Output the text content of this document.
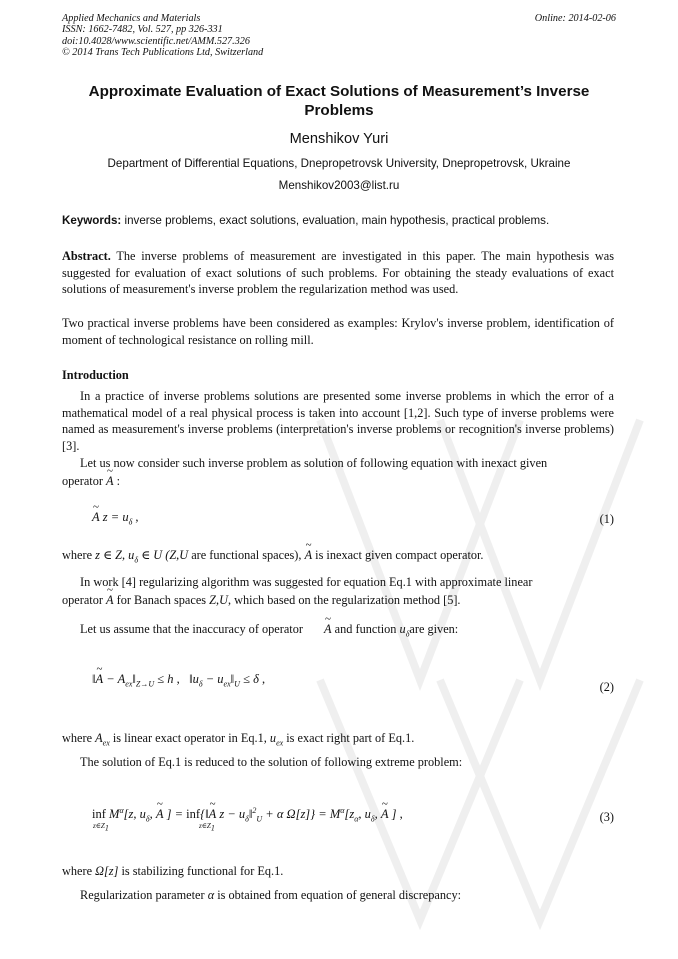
Applied Mechanics and Materials
ISSN: 1662-7482, Vol. 527, pp 326-331
doi:10.4028/www.scientific.net/AMM.527.326
© 2014 Trans Tech Publications Ltd, Switzerland
Online: 2014-02-06
Approximate Evaluation of Exact Solutions of Measurement’s Inverse Problems
Menshikov Yuri
Department of Differential Equations, Dnepropetrovsk University, Dnepropetrovsk, Ukraine
Menshikov2003@list.ru
Keywords: inverse problems, exact solutions, evaluation, main hypothesis, practical problems.

Abstract. The inverse problems of measurement are investigated in this paper. The main hypothesis was suggested for evaluation of exact solutions of such problems. For obtaining the steady evaluations of exact solutions of measurement's inverse problem the regularization method was used.

Two practical inverse problems have been considered as examples: Krylov's inverse problem, identification of moment of technological resistance on rolling mill.

Introduction

In a practice of inverse problems solutions are presented some inverse problems in which the error of a mathematical model of a real physical process is taken into account [1,2]. Such type of inverse problems were named as measurement's inverse problems (interpretation's inverse problems or recognition's inverse problems) [3].

Let us now consider such inverse problem as solution of following equation with inexact given

operator ~ A :
~ A $z = u_\delta$ ,	(1)
where z ∈ Z, $u_\delta$ ∈ U (Z,U are functional spaces), ~ A is inexact given compact operator.

In work [4] regularizing algorithm was suggested for equation Eq.1 with approximate linear

operator ~ A for Banach spaces Z,U, which based on the regularization method [5].
Let us assume that the inaccuracy of operator ~ A and function $u_\delta are$ given:
‖~ $A - A_{ex}‖_{Z\to U} \le h$ , $‖u_\delta$ − $u_{ex}‖_U \le \delta$ ,
(2)
where $A_{ex}$ is linear exact operator in Eq.1, $u_{ex}$ is exact right part of Eq.1.
The solution of Eq.1 is reduced to the solution of following extreme problem:
inf $M^\alpha[z$, $u_\delta$, ~ A ] = inf{‖~ A $z - u_\delta‖^2_U + \alpha$ $\Omega[z]\} = M^\alpha[z_\alpha$, $u_\delta$, ~ A ] ,
$z\in Z_1$	$z\in Z_1$
(3)
where Ω[z] is stabilizing functional for Eq.1.
Regularization parameter α is obtained from equation of general discrepancy:
